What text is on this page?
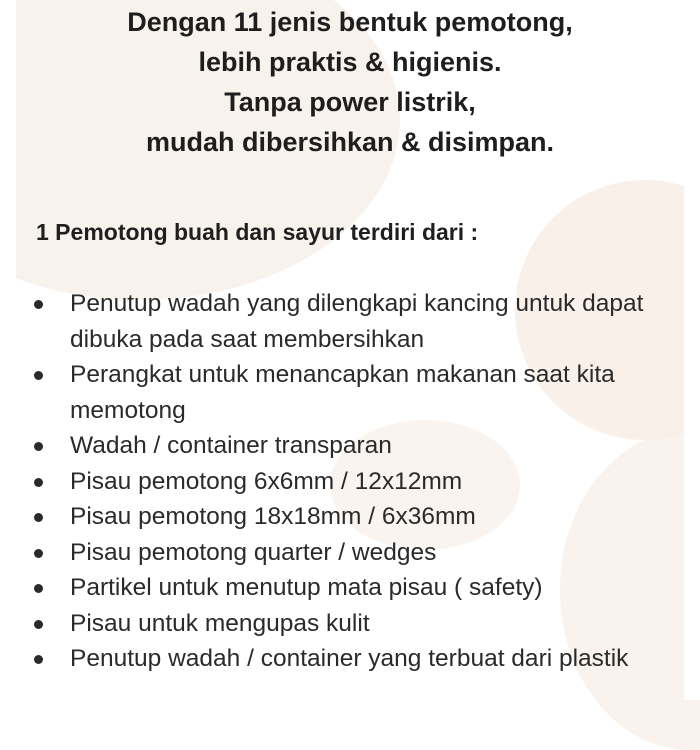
Dengan 11 jenis bentuk pemotong,
lebih praktis & higienis.
Tanpa power listrik,
mudah dibersihkan & disimpan.
1 Pemotong buah dan sayur terdiri dari :
Penutup wadah yang dilengkapi kancing untuk dapat dibuka pada saat membersihkan
Perangkat untuk menancapkan makanan saat kita memotong
Wadah / container transparan
Pisau pemotong 6x6mm / 12x12mm
Pisau pemotong 18x18mm / 6x36mm
Pisau pemotong quarter / wedges
Partikel untuk menutup mata pisau ( safety)
Pisau untuk mengupas kulit
Penutup wadah / container yang terbuat dari plastik
